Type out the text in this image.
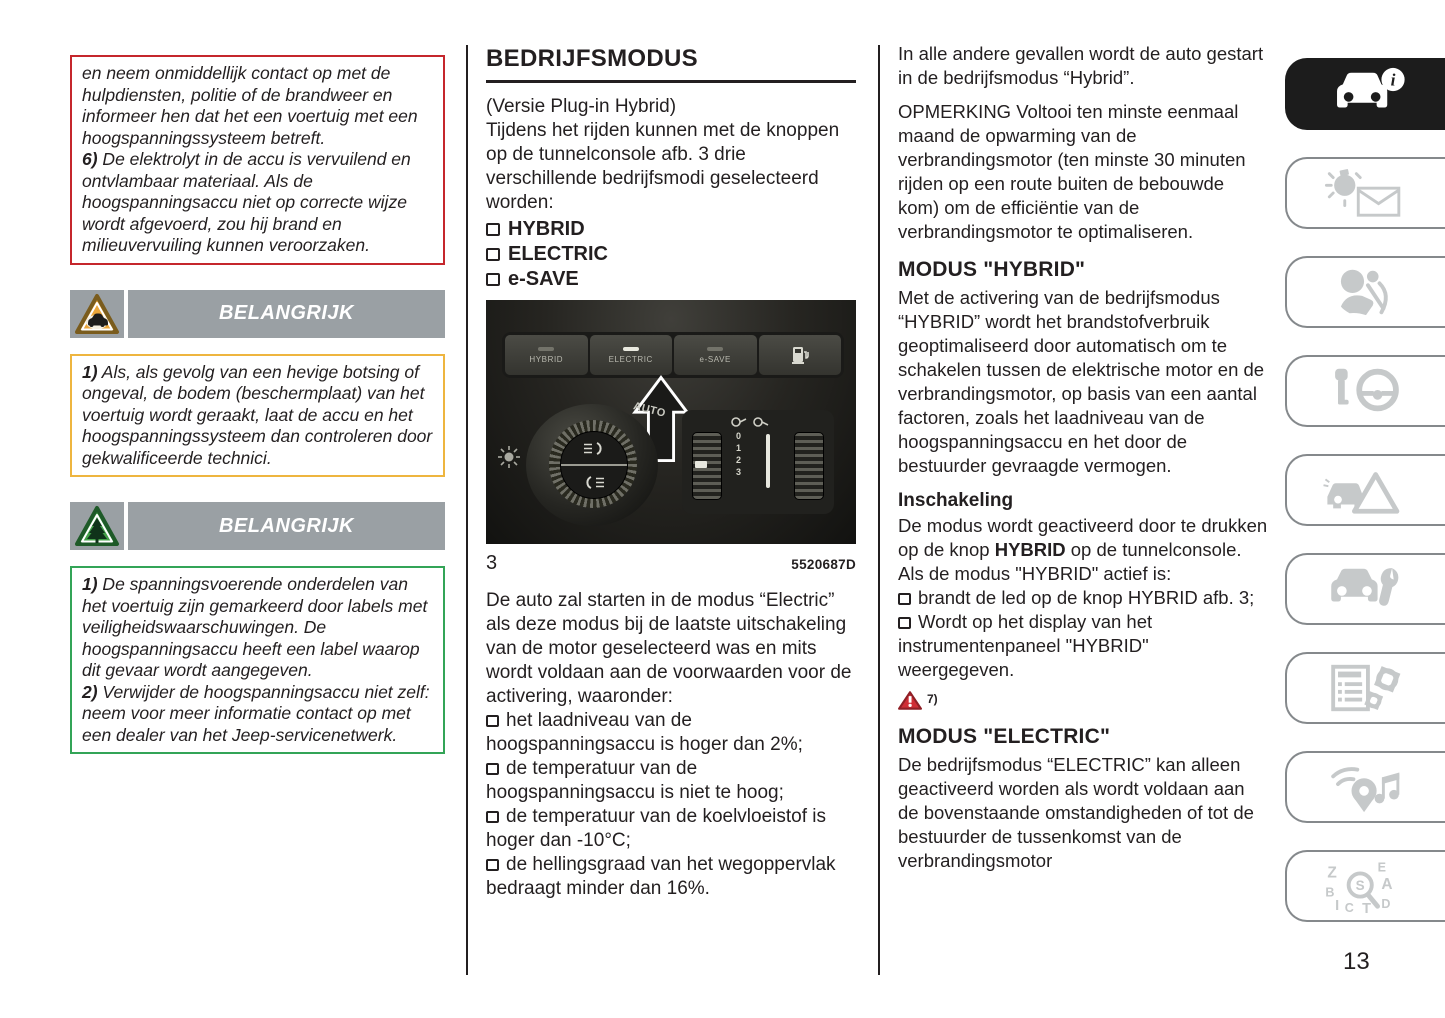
en neem onmiddellijk contact op met de hulpdiensten, politie of de brandweer en informeer hen dat het een voertuig met een hoogspanningssysteem betreft.
6) De elektrolyt in de accu is vervuilend en ontvlambaar materiaal. Als de hoogspanningsaccu niet op correcte wijze wordt afgevoerd, zou hij brand en milieuvervuiling kunnen veroorzaken.
BELANGRIJK
1) Als, als gevolg van een hevige botsing of ongeval, de bodem (beschermplaat) van het voertuig wordt geraakt, laat de accu en het hoogspanningssysteem dan controleren door gekwalificeerde technici.
BELANGRIJK
1) De spanningsvoerende onderdelen van het voertuig zijn gemarkeerd door labels met veiligheidswaarschuwingen. De hoogspanningsaccu heeft een label waarop dit gevaar wordt aangegeven.
2) Verwijder de hoogspanningsaccu niet zelf: neem voor meer informatie contact op met een dealer van het Jeep-servicenetwerk.
BEDRIJFSMODUS

(Versie Plug-in Hybrid)

Tijdens het rijden kunnen met de knoppen op de tunnelconsole afb. 3 drie verschillende bedrijfsmodi geselecteerd worden:

HYBRID
ELECTRIC
e-SAVE
HYBRID	ELECTRIC	e-SAVE
AUTO
0
1
2
3
3	5520687D

De auto zal starten in de modus “Electric” als deze modus bij de laatste uitschakeling van de motor geselecteerd was en mits wordt voldaan aan de voorwaarden voor de activering, waaronder:

het laadniveau van de hoogspanningsaccu is hoger dan 2%;

de temperatuur van de hoogspanningsaccu is niet te hoog;

de temperatuur van de koelvloeistof is hoger dan -10°C;

de hellingsgraad van het wegoppervlak bedraagt minder dan 16%.

In alle andere gevallen wordt de auto gestart in de bedrijfsmodus “Hybrid”.

OPMERKING Voltooi ten minste eenmaal maand de opwarming van de verbrandingsmotor (ten minste 30 minuten rijden op een route buiten de bebouwde kom) om de efficiëntie van de verbrandingsmotor te optimaliseren.

MODUS "HYBRID"

Met de activering van de bedrijfsmodus “HYBRID” wordt het brandstofverbruik geoptimaliseerd door automatisch om te schakelen tussen de elektrische motor en de verbrandingsmotor, op basis van een aantal factoren, zoals het laadniveau van de hoogspanningsaccu en het door de bestuurder gevraagde vermogen.

Inschakeling

De modus wordt geactiveerd door te drukken op de knop HYBRID op de tunnelconsole.

Als de modus "HYBRID" actief is:

brandt de led op de knop HYBRID afb. 3;

Wordt op het display van het instrumentenpaneel "HYBRID" weergegeven.

7)
MODUS "ELECTRIC"

De bedrijfsmodus “ELECTRIC” kan alleen geactiveerd worden als wordt voldaan aan de bovenstaande omstandigheden of tot de bestuurder de tussenkomst van de verbrandingsmotor

i
Z	E
B	A
I C D
T
S
13
